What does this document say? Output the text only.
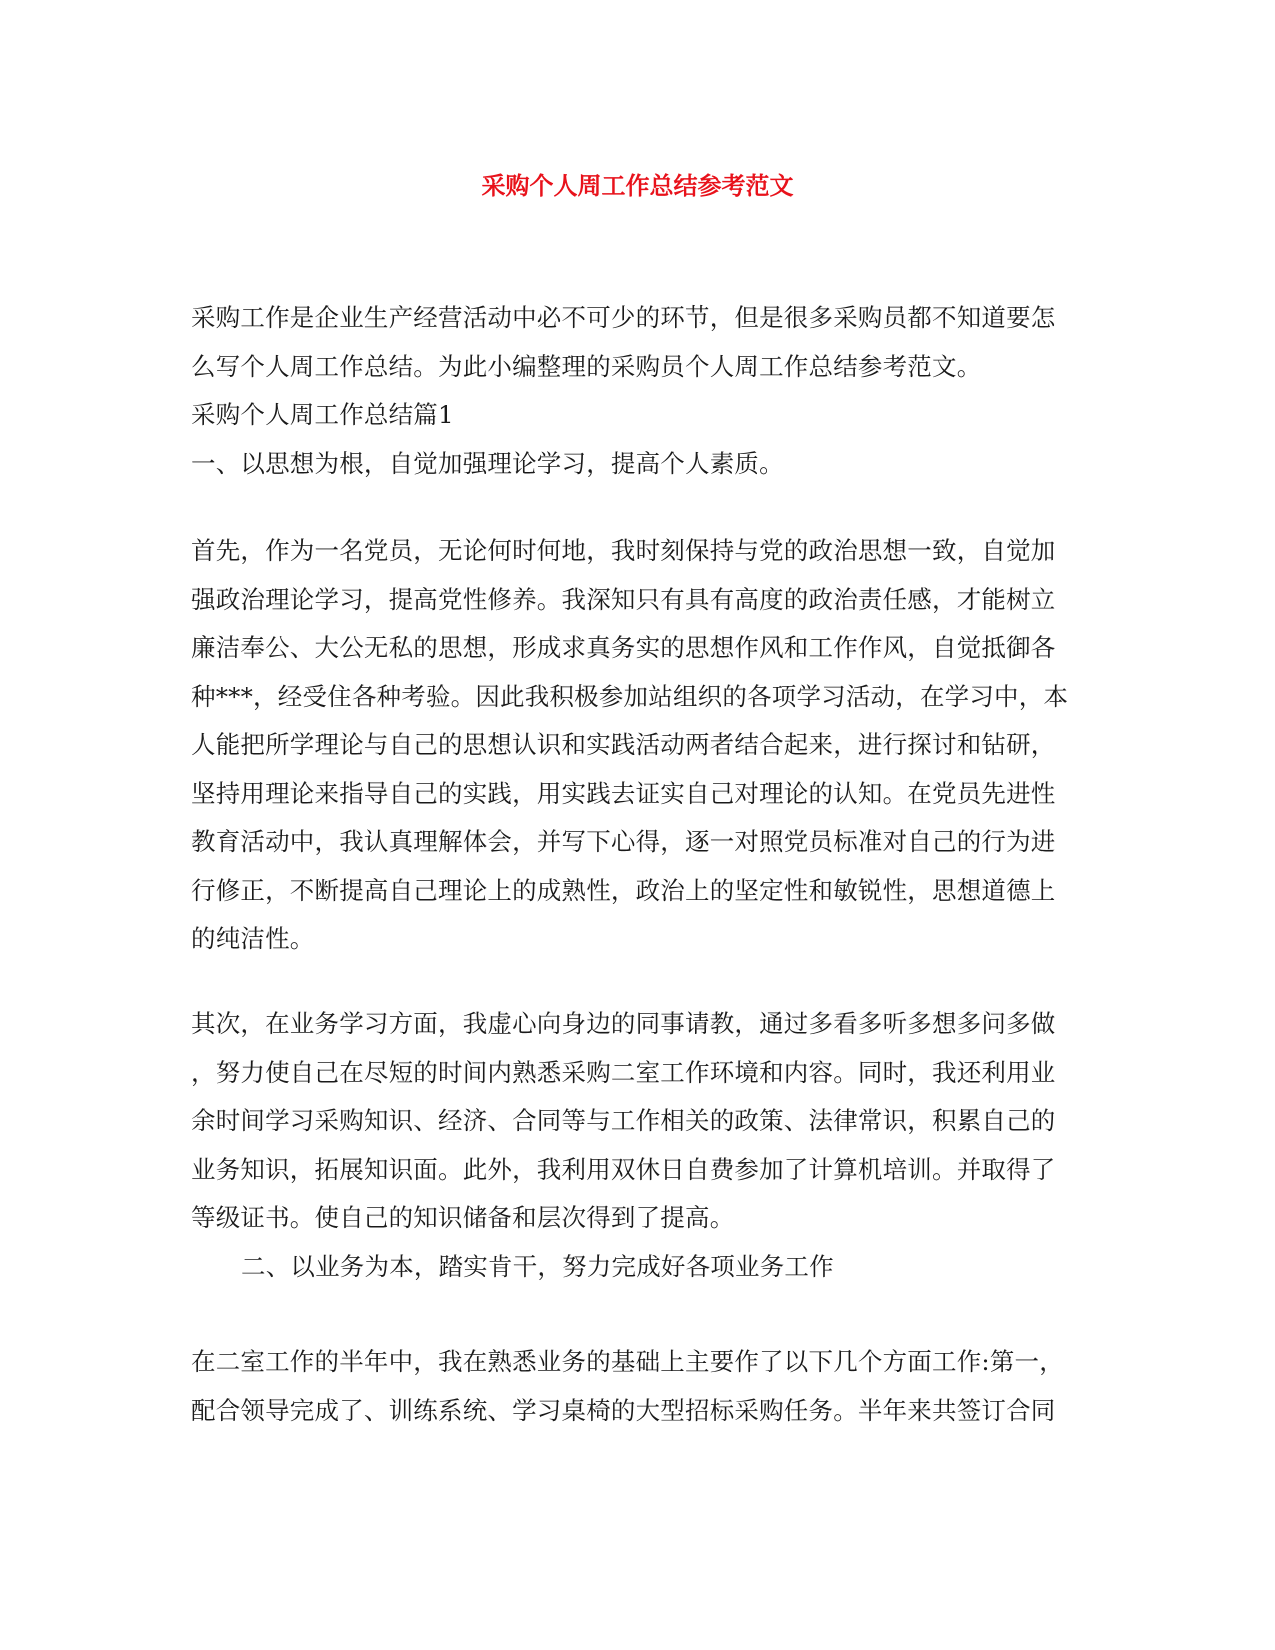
采购个人周工作总结参考范文
采购工作是企业生产经营活动中必不可少的环节，但是很多采购员都不知道要怎
么写个人周工作总结。为此小编整理的采购员个人周工作总结参考范文。
采购个人周工作总结篇1
一、以思想为根，自觉加强理论学习，提高个人素质。
首先，作为一名党员，无论何时何地，我时刻保持与党的政治思想一致，自觉加
强政治理论学习，提高党性修养。我深知只有具有高度的政治责任感，才能树立
廉洁奉公、大公无私的思想，形成求真务实的思想作风和工作作风，自觉抵御各
种***，经受住各种考验。因此我积极参加站组织的各项学习活动，在学习中，本
人能把所学理论与自己的思想认识和实践活动两者结合起来，进行探讨和钻研，
坚持用理论来指导自己的实践，用实践去证实自己对理论的认知。在党员先进性
教育活动中，我认真理解体会，并写下心得，逐一对照党员标准对自己的行为进
行修正，不断提高自己理论上的成熟性，政治上的坚定性和敏锐性，思想道德上
的纯洁性。
其次，在业务学习方面，我虚心向身边的同事请教，通过多看多听多想多问多做
，努力使自己在尽短的时间内熟悉采购二室工作环境和内容。同时，我还利用业
余时间学习采购知识、经济、合同等与工作相关的政策、法律常识，积累自己的
业务知识，拓展知识面。此外，我利用双休日自费参加了计算机培训。并取得了
等级证书。使自己的知识储备和层次得到了提高。
二、以业务为本，踏实肯干，努力完成好各项业务工作
在二室工作的半年中，我在熟悉业务的基础上主要作了以下几个方面工作:第一，
配合领导完成了、训练系统、学习桌椅的大型招标采购任务。半年来共签订合同
